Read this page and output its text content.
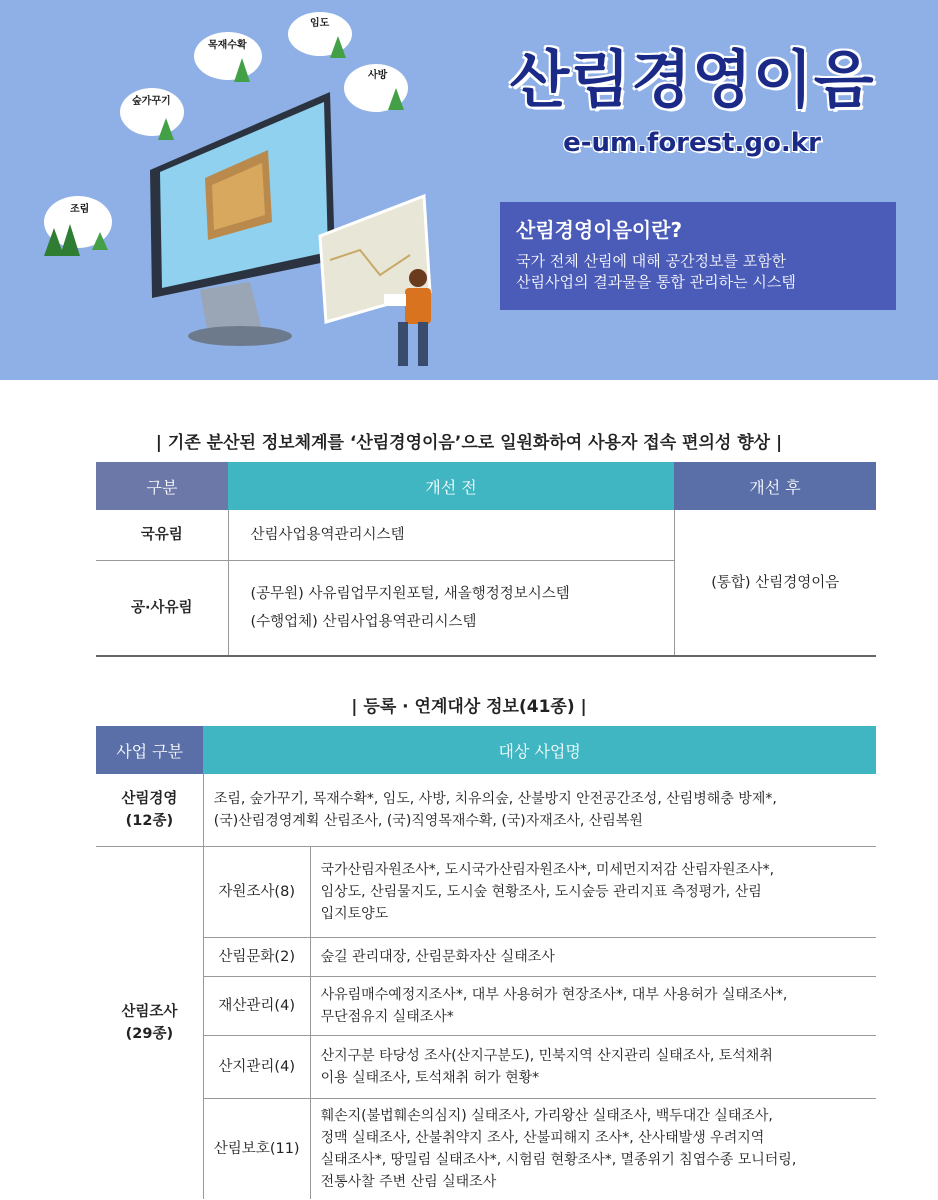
조림
숲가꾸기
목재수확
임도
사방	산림경영이음
e-um.forest.go.kr
산림경영이음이란?
국가 전체 산림에 대해 공간정보를 포함한
산림사업의 결과물을 통합 관리하는 시스템
| 기존 분산된 정보체계를 ‘산림경영이음’으로 일원화하여 사용자 접속 편의성 향상 |
구분	개선 전	개선 후
국유림	산림사업용역관리시스템	(통합) 산림경영이음
공·사유림	(공무원) 사유림업무지원포털, 새올행정정보시스템
(수행업체) 산림사업용역관리시스템	
| 등록 · 연계대상 정보(41종) |
사업 구분	대상 사업명	

산림경영
(12종)	조림, 숲가꾸기, 목재수확*, 임도, 사방, 치유의숲, 산불방지 안전공간조성, 산림병해충 방제*,
(국)산림경영계획 산림조사, (국)직영목재수확, (국)자재조사, 산림복원	

산림조사
(29종)	자원조사(8)	국가산림자원조사*, 도시국가산림자원조사*, 미세먼지저감 산림자원조사*,
임상도, 산림물지도, 도시숲 현황조사, 도시숲등 관리지표 측정평가, 산림
입지토양도

	산림문화(2)	숲길 관리대장, 산림문화자산 실태조사

	재산관리(4)	사유림매수예정지조사*, 대부 사용허가 현장조사*, 대부 사용허가 실태조사*,
무단점유지 실태조사*

	산지관리(4)	산지구분 타당성 조사(산지구분도), 민북지역 산지관리 실태조사, 토석채취
이용 실태조사, 토석채취 허가 현황*

	산림보호(11)	훼손지(불법훼손의심지) 실태조사, 가리왕산 실태조사, 백두대간 실태조사,
정맥 실태조사, 산불취약지 조사, 산불피해지 조사*, 산사태발생 우려지역
실태조사*, 땅밀림 실태조사*, 시험림 현황조사*, 멸종위기 침엽수종 모니터링,
전통사찰 주변 산림 실태조사
